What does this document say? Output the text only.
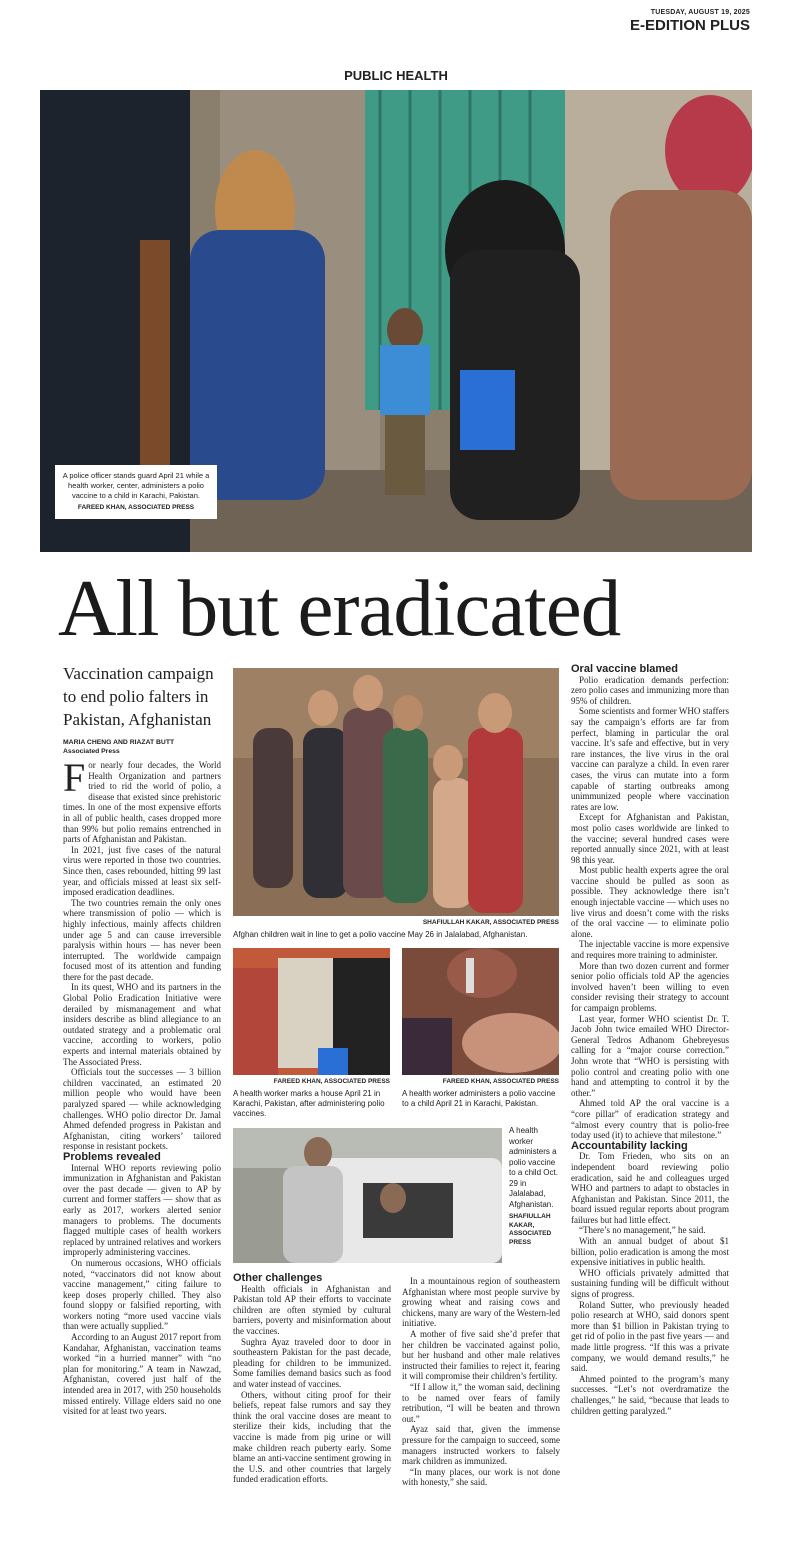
TUESDAY, AUGUST 19, 2025
E-EDITION PLUS
PUBLIC HEALTH
A police officer stands guard April 21 while a health worker, center, administers a polio vaccine to a child in Karachi, Pakistan.
FAREED KHAN, ASSOCIATED PRESS
All but eradicated
Vaccination campaign to end polio falters in Pakistan, Afghanistan
MARIA CHENG AND RIAZAT BUTT
Associated Press

For nearly four decades, the World Health Organization and partners tried to rid the world of polio, a disease that existed since prehistoric times. In one of the most expensive efforts in all of public health, cases dropped more than 99% but polio remains entrenched in parts of Afghanistan and Pakistan.

In 2021, just five cases of the natural virus were reported in those two countries. Since then, cases rebounded, hitting 99 last year, and officials missed at least six self-imposed eradication deadlines.

The two countries remain the only ones where transmission of polio — which is highly infectious, mainly affects children under age 5 and can cause irreversible paralysis within hours — has never been interrupted. The worldwide campaign focused most of its attention and funding there for the past decade.

In its quest, WHO and its partners in the Global Polio Eradication Initiative were derailed by mismanagement and what insiders describe as blind allegiance to an outdated strategy and a problematic oral vaccine, according to workers, polio experts and internal materials obtained by The Associated Press.

Officials tout the successes — 3 billion children vaccinated, an estimated 20 million people who would have been paralyzed spared — while acknowledging challenges. WHO polio director Dr. Jamal Ahmed defended progress in Pakistan and Afghanistan, citing workers’ tailored response in resistant pockets.

Problems revealed

Internal WHO reports reviewing polio immunization in Afghanistan and Pakistan over the past decade — given to AP by current and former staffers — show that as early as 2017, workers alerted senior managers to problems. The documents flagged multiple cases of health workers replaced by untrained relatives and workers improperly administering vaccines.

On numerous occasions, WHO officials noted, “vaccinators did not know about vaccine management,” citing failure to keep doses properly chilled. They also found sloppy or falsified reporting, with workers noting “more used vaccine vials than were actually supplied.”

According to an August 2017 report from Kandahar, Afghanistan, vaccination teams worked “in a hurried manner” with “no plan for monitoring.” A team in Nawzad, Afghanistan, covered just half of the intended area in 2017, with 250 households missed entirely. Village elders said no one visited for at least two years.

SHAFIULLAH KAKAR, ASSOCIATED PRESS
Afghan children wait in line to get a polio vaccine May 26 in Jalalabad, Afghanistan.
FAREED KHAN, ASSOCIATED PRESS
A health worker marks a house April 21 in Karachi, Pakistan, after administering polio vaccines.
FAREED KHAN, ASSOCIATED PRESS
A health worker administers a polio vaccine to a child April 21 in Karachi, Pakistan.
A health worker administers a polio vaccine to a child Oct. 29 in Jalalabad, Afghanistan.
SHAFIULLAH KAKAR, ASSOCIATED PRESS

Other challenges

Health officials in Afghanistan and Pakistan told AP their efforts to vaccinate children are often stymied by cultural barriers, poverty and misinformation about the vaccines.

Sughra Ayaz traveled door to door in southeastern Pakistan for the past decade, pleading for children to be immunized. Some families demand basics such as food and water instead of vaccines.

Others, without citing proof for their beliefs, repeat false rumors and say they think the oral vaccine doses are meant to sterilize their kids, including that the vaccine is made from pig urine or will make children reach puberty early. Some blame an anti-vaccine sentiment growing in the U.S. and other countries that largely funded eradication efforts.

In a mountainous region of southeastern Afghanistan where most people survive by growing wheat and raising cows and chickens, many are wary of the Western-led initiative.

A mother of five said she’d prefer that her children be vaccinated against polio, but her husband and other male relatives instructed their families to reject it, fearing it will compromise their children’s fertility.

“If I allow it,” the woman said, declining to be named over fears of family retribution, “I will be beaten and thrown out.”

Ayaz said that, given the immense pressure for the campaign to succeed, some managers instructed workers to falsely mark children as immunized.

“In many places, our work is not done with honesty,” she said.

Oral vaccine blamed

Polio eradication demands perfection: zero polio cases and immunizing more than 95% of children.

Some scientists and former WHO staffers say the campaign’s efforts are far from perfect, blaming in particular the oral vaccine. It’s safe and effective, but in very rare instances, the live virus in the oral vaccine can paralyze a child. In even rarer cases, the virus can mutate into a form capable of starting outbreaks among unimmunized people where vaccination rates are low.

Except for Afghanistan and Pakistan, most polio cases worldwide are linked to the vaccine; several hundred cases were reported annually since 2021, with at least 98 this year.

Most public health experts agree the oral vaccine should be pulled as soon as possible. They acknowledge there isn’t enough injectable vaccine — which uses no live virus and doesn’t come with the risks of the oral vaccine — to eliminate polio alone.

The injectable vaccine is more expensive and requires more training to administer.

More than two dozen current and former senior polio officials told AP the agencies involved haven’t been willing to even consider revising their strategy to account for campaign problems.

Last year, former WHO scientist Dr. T. Jacob John twice emailed WHO Director-General Tedros Adhanom Ghebreyesus calling for a “major course correction.” John wrote that “WHO is persisting with polio control and creating polio with one hand and attempting to control it by the other.”

Ahmed told AP the oral vaccine is a “core pillar” of eradication strategy and “almost every country that is polio-free today used (it) to achieve that milestone.”

Accountability lacking

Dr. Tom Frieden, who sits on an independent board reviewing polio eradication, said he and colleagues urged WHO and partners to adapt to obstacles in Afghanistan and Pakistan. Since 2011, the board issued regular reports about program failures but had little effect.

“There’s no management,” he said.

With an annual budget of about $1 billion, polio eradication is among the most expensive initiatives in public health.

WHO officials privately admitted that sustaining funding will be difficult without signs of progress.

Roland Sutter, who previously headed polio research at WHO, said donors spent more than $1 billion in Pakistan trying to get rid of polio in the past five years — and made little progress. “If this was a private company, we would demand results,” he said.

Ahmed pointed to the program’s many successes. “Let’s not overdramatize the challenges,” he said, “because that leads to children getting paralyzed.”
